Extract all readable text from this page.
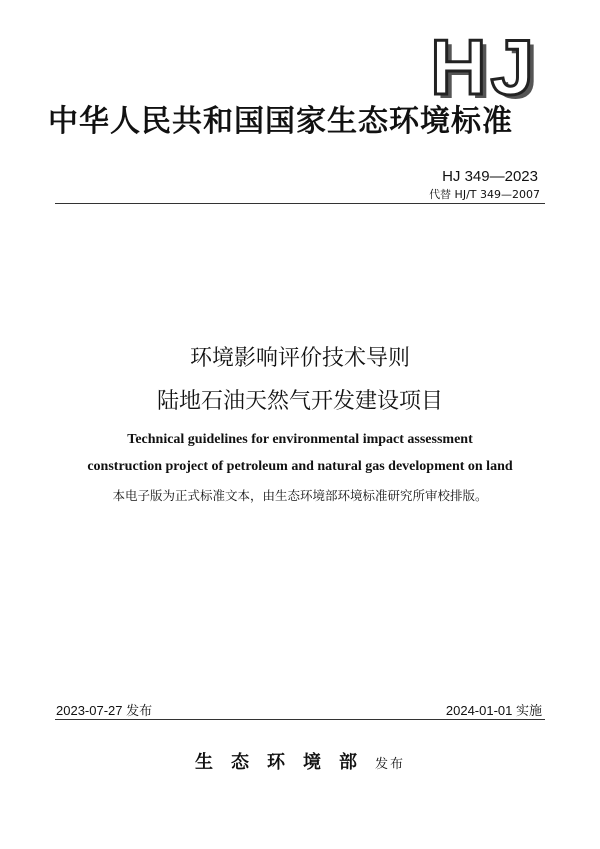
HJ
中华人民共和国国家生态环境标准
HJ 349—2023
代替 HJ/T 349—2007
环境影响评价技术导则
陆地石油天然气开发建设项目
Technical guidelines for environmental impact assessment
construction project of petroleum and natural gas development on land
本电子版为正式标准文本，由生态环境部环境标准研究所审校排版。
2023-07-27 发布	2024-01-01 实施
生态环境部发布
